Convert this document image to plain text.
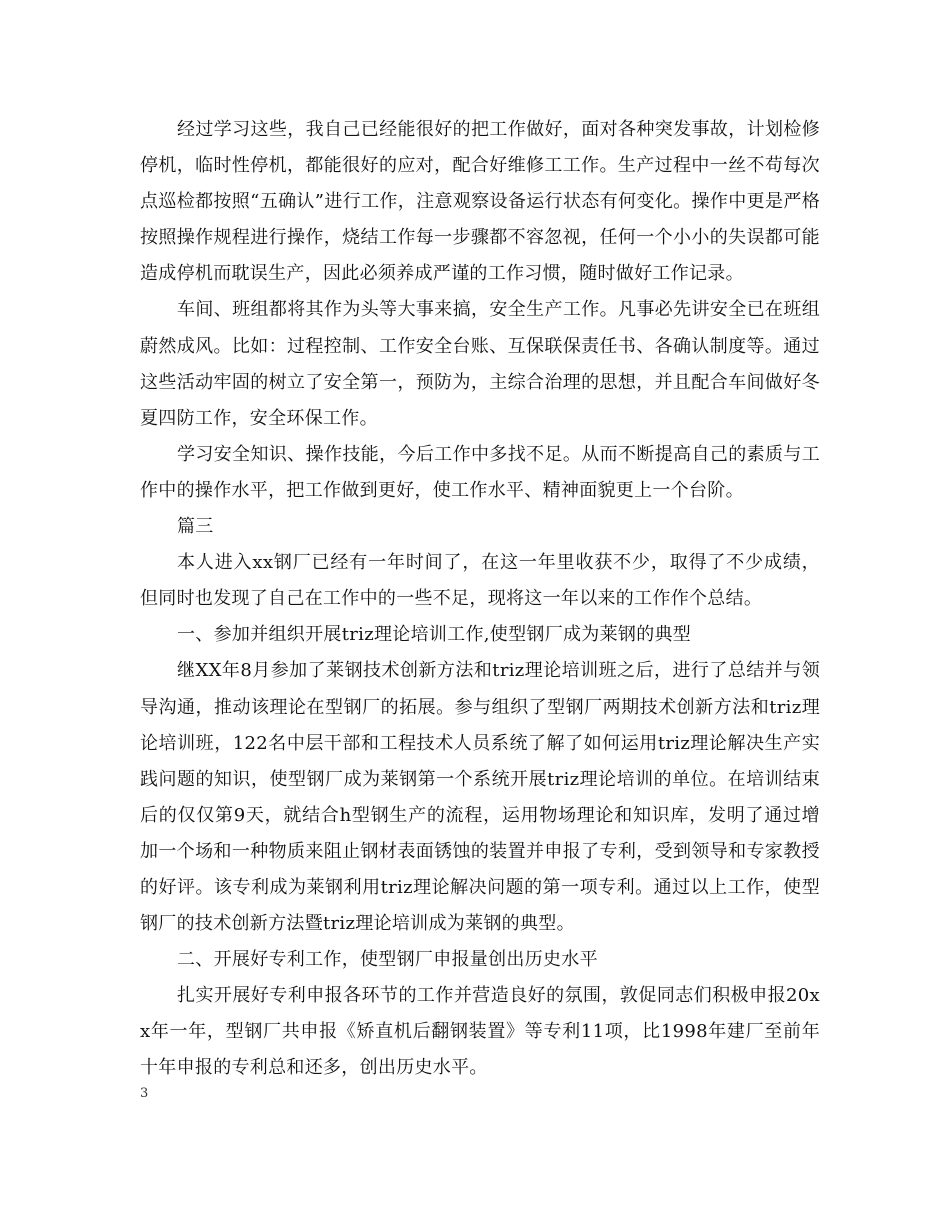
经过学习这些，我自己已经能很好的把工作做好，面对各种突发事故，计划检修停机，临时性停机，都能很好的应对，配合好维修工工作。生产过程中一丝不苟每次点巡检都按照“五确认”进行工作，注意观察设备运行状态有何变化。操作中更是严格按照操作规程进行操作，烧结工作每一步骤都不容忽视，任何一个小小的失误都可能造成停机而耽误生产，因此必须养成严谨的工作习惯，随时做好工作记录。

车间、班组都将其作为头等大事来搞，安全生产工作。凡事必先讲安全已在班组蔚然成风。比如：过程控制、工作安全台账、互保联保责任书、各确认制度等。通过这些活动牢固的树立了安全第一，预防为，主综合治理的思想，并且配合车间做好冬夏四防工作，安全环保工作。

学习安全知识、操作技能，今后工作中多找不足。从而不断提高自己的素质与工作中的操作水平，把工作做到更好，使工作水平、精神面貌更上一个台阶。

篇三

本人进入xx钢厂已经有一年时间了，在这一年里收获不少，取得了不少成绩，但同时也发现了自己在工作中的一些不足，现将这一年以来的工作作个总结。

一、参加并组织开展triz理论培训工作,使型钢厂成为莱钢的典型

继XX年8月参加了莱钢技术创新方法和triz理论培训班之后，进行了总结并与领导沟通，推动该理论在型钢厂的拓展。参与组织了型钢厂两期技术创新方法和triz理论培训班，122名中层干部和工程技术人员系统了解了如何运用triz理论解决生产实践问题的知识，使型钢厂成为莱钢第一个系统开展triz理论培训的单位。在培训结束后的仅仅第9天，就结合h型钢生产的流程，运用物场理论和知识库，发明了通过增加一个场和一种物质来阻止钢材表面锈蚀的装置并申报了专利，受到领导和专家教授的好评。该专利成为莱钢利用triz理论解决问题的第一项专利。通过以上工作，使型钢厂的技术创新方法暨triz理论培训成为莱钢的典型。

二、开展好专利工作，使型钢厂申报量创出历史水平

扎实开展好专利申报各环节的工作并营造良好的氛围，敦促同志们积极申报20xx年一年，型钢厂共申报《矫直机后翻钢装置》等专利11项，比1998年建厂至前年十年申报的专利总和还多，创出历史水平。

3
